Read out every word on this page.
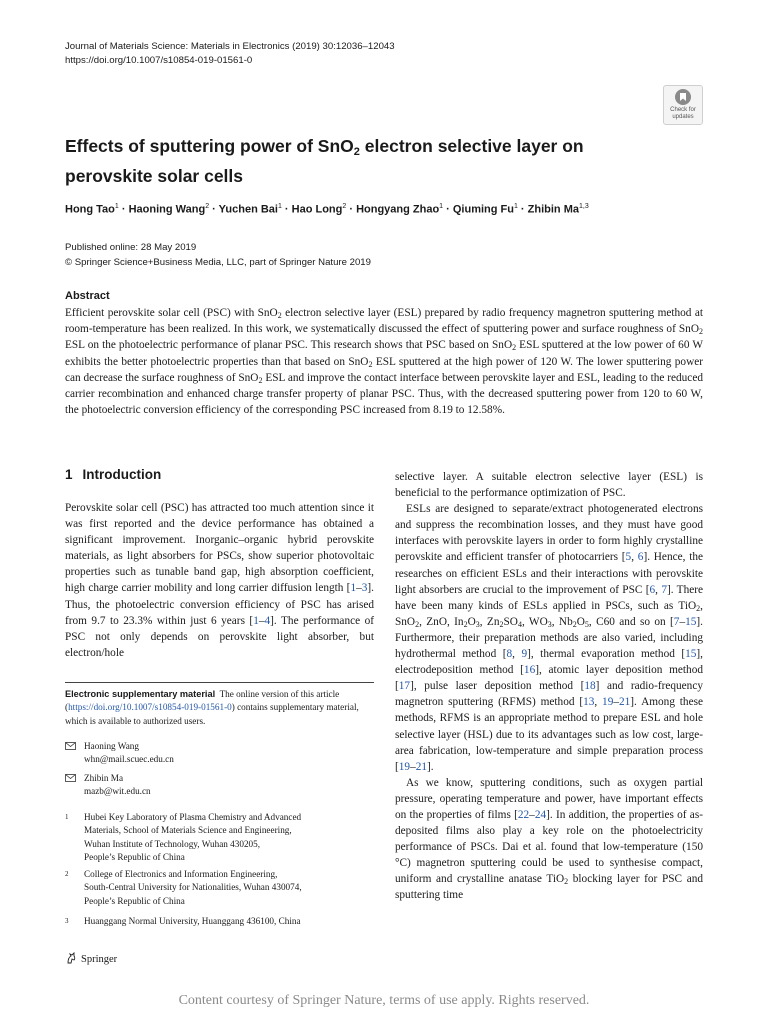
Journal of Materials Science: Materials in Electronics (2019) 30:12036–12043
https://doi.org/10.1007/s10854-019-01561-0
Check for updates
Effects of sputtering power of SnO$_2$ electron selective layer on perovskite solar cells
Hong Tao$^1$ · Haoning Wang$^2$ · Yuchen Bai$^1$ · Hao Long$^2$ · Hongyang Zhao$^1$ · Qiuming $Fu^1$ · Zhibin Ma$^{1,3}$
Published online: 28 May 2019
© Springer Science+Business Media, LLC, part of Springer Nature 2019
Abstract

Efficient perovskite solar cell (PSC) with SnO$_2$ electron selective layer (ESL) prepared by radio frequency magnetron sputtering method at room-temperature has been realized. In this work, we systematically discussed the effect of sputtering power and surface roughness of SnO$_2$ ESL on the photoelectric performance of planar PSC. This research shows that PSC based on SnO$_2$ ESL sputtered at the low power of 60 W exhibits the better photoelectric properties than that based on SnO$_2$ ESL sputtered at the high power of 120 W. The lower sputtering power can decrease the surface roughness of SnO$_2$ ESL and improve the contact interface between perovskite layer and ESL, leading to the reduced carrier recombination and enhanced charge transfer property of planar PSC. Thus, with the decreased sputtering power from 120 to 60 W, the photoelectric conversion efficiency of the corresponding PSC increased from 8.19 to 12.58%.

1 Introduction

Perovskite solar cell (PSC) has attracted too much attention since it was first reported and the device performance has obtained a significant improvement. Inorganic–organic hybrid perovskite materials, as light absorbers for PSCs, show superior photovoltaic properties such as tunable band gap, high absorption coefficient, high charge carrier mobility and long carrier diffusion length [1–3]. Thus, the photoelectric conversion efficiency of PSC has arised from 9.7 to 23.3% within just 6 years [1–4]. The performance of PSC not only depends on perovskite light absorber, but electron/hole

selective layer. A suitable electron selective layer (ESL) is beneficial to the performance optimization of PSC.

ESLs are designed to separate/extract photogenerated electrons and suppress the recombination losses, and they must have good interfaces with perovskite layers in order to form highly crystalline perovskite and efficient transfer of photocarriers [5, 6]. Hence, the researches on efficient ESLs and their interactions with perovskite light absorbers are crucial to the improvement of PSC [6, 7]. There have been many kinds of ESLs applied in PSCs, such as TiO$_2$, SnO$_2$, ZnO, $In_2O_3$, $Zn_2SO_4$, $WO_3$, $Nb_2O_5$, C60 and so on [7–15]. Furthermore, their preparation methods are also varied, including hydrothermal method [8, 9], thermal evaporation method [15], electrodeposition method [16], atomic layer deposition method [17], pulse laser deposition method [18] and radio-frequency magnetron sputtering (RFMS) method [13, 19–21]. Among these methods, RFMS is an appropriate method to prepare ESL and hole selective layer (HSL) due to its advantages such as low cost, large-area fabrication, low-temperature and simple preparation process [19–21].

As we know, sputtering conditions, such as oxygen partial pressure, operating temperature and power, have important effects on the properties of films [22–24]. In addition, the properties of as-deposited films also play a key role on the photoelectricity performance of PSCs. Dai et al. found that low-temperature (150 °C) magnetron sputtering could be used to synthesise compact, uniform and crystalline anatase TiO$_2$ blocking layer for PSC and sputtering time

Electronic supplementary material The online version of this article (https://doi.org/10.1007/s10854-019-01561-0) contains supplementary material, which is available to authorized users.
Haoning Wang
whn@mail.scuec.edu.cn
Zhibin Ma
mazb@wit.edu.cn
1	Hubei Key Laboratory of Plasma Chemistry and Advanced
Materials, School of Materials Science and Engineering,
Wuhan Institute of Technology, Wuhan 430205,
People’s Republic of China
2	College of Electronics and Information Engineering,
South-Central University for Nationalities, Wuhan 430074,
People’s Republic of China
3	Huanggang Normal University, Huanggang 436100, China
Springer
Content courtesy of Springer Nature, terms of use apply. Rights reserved.
